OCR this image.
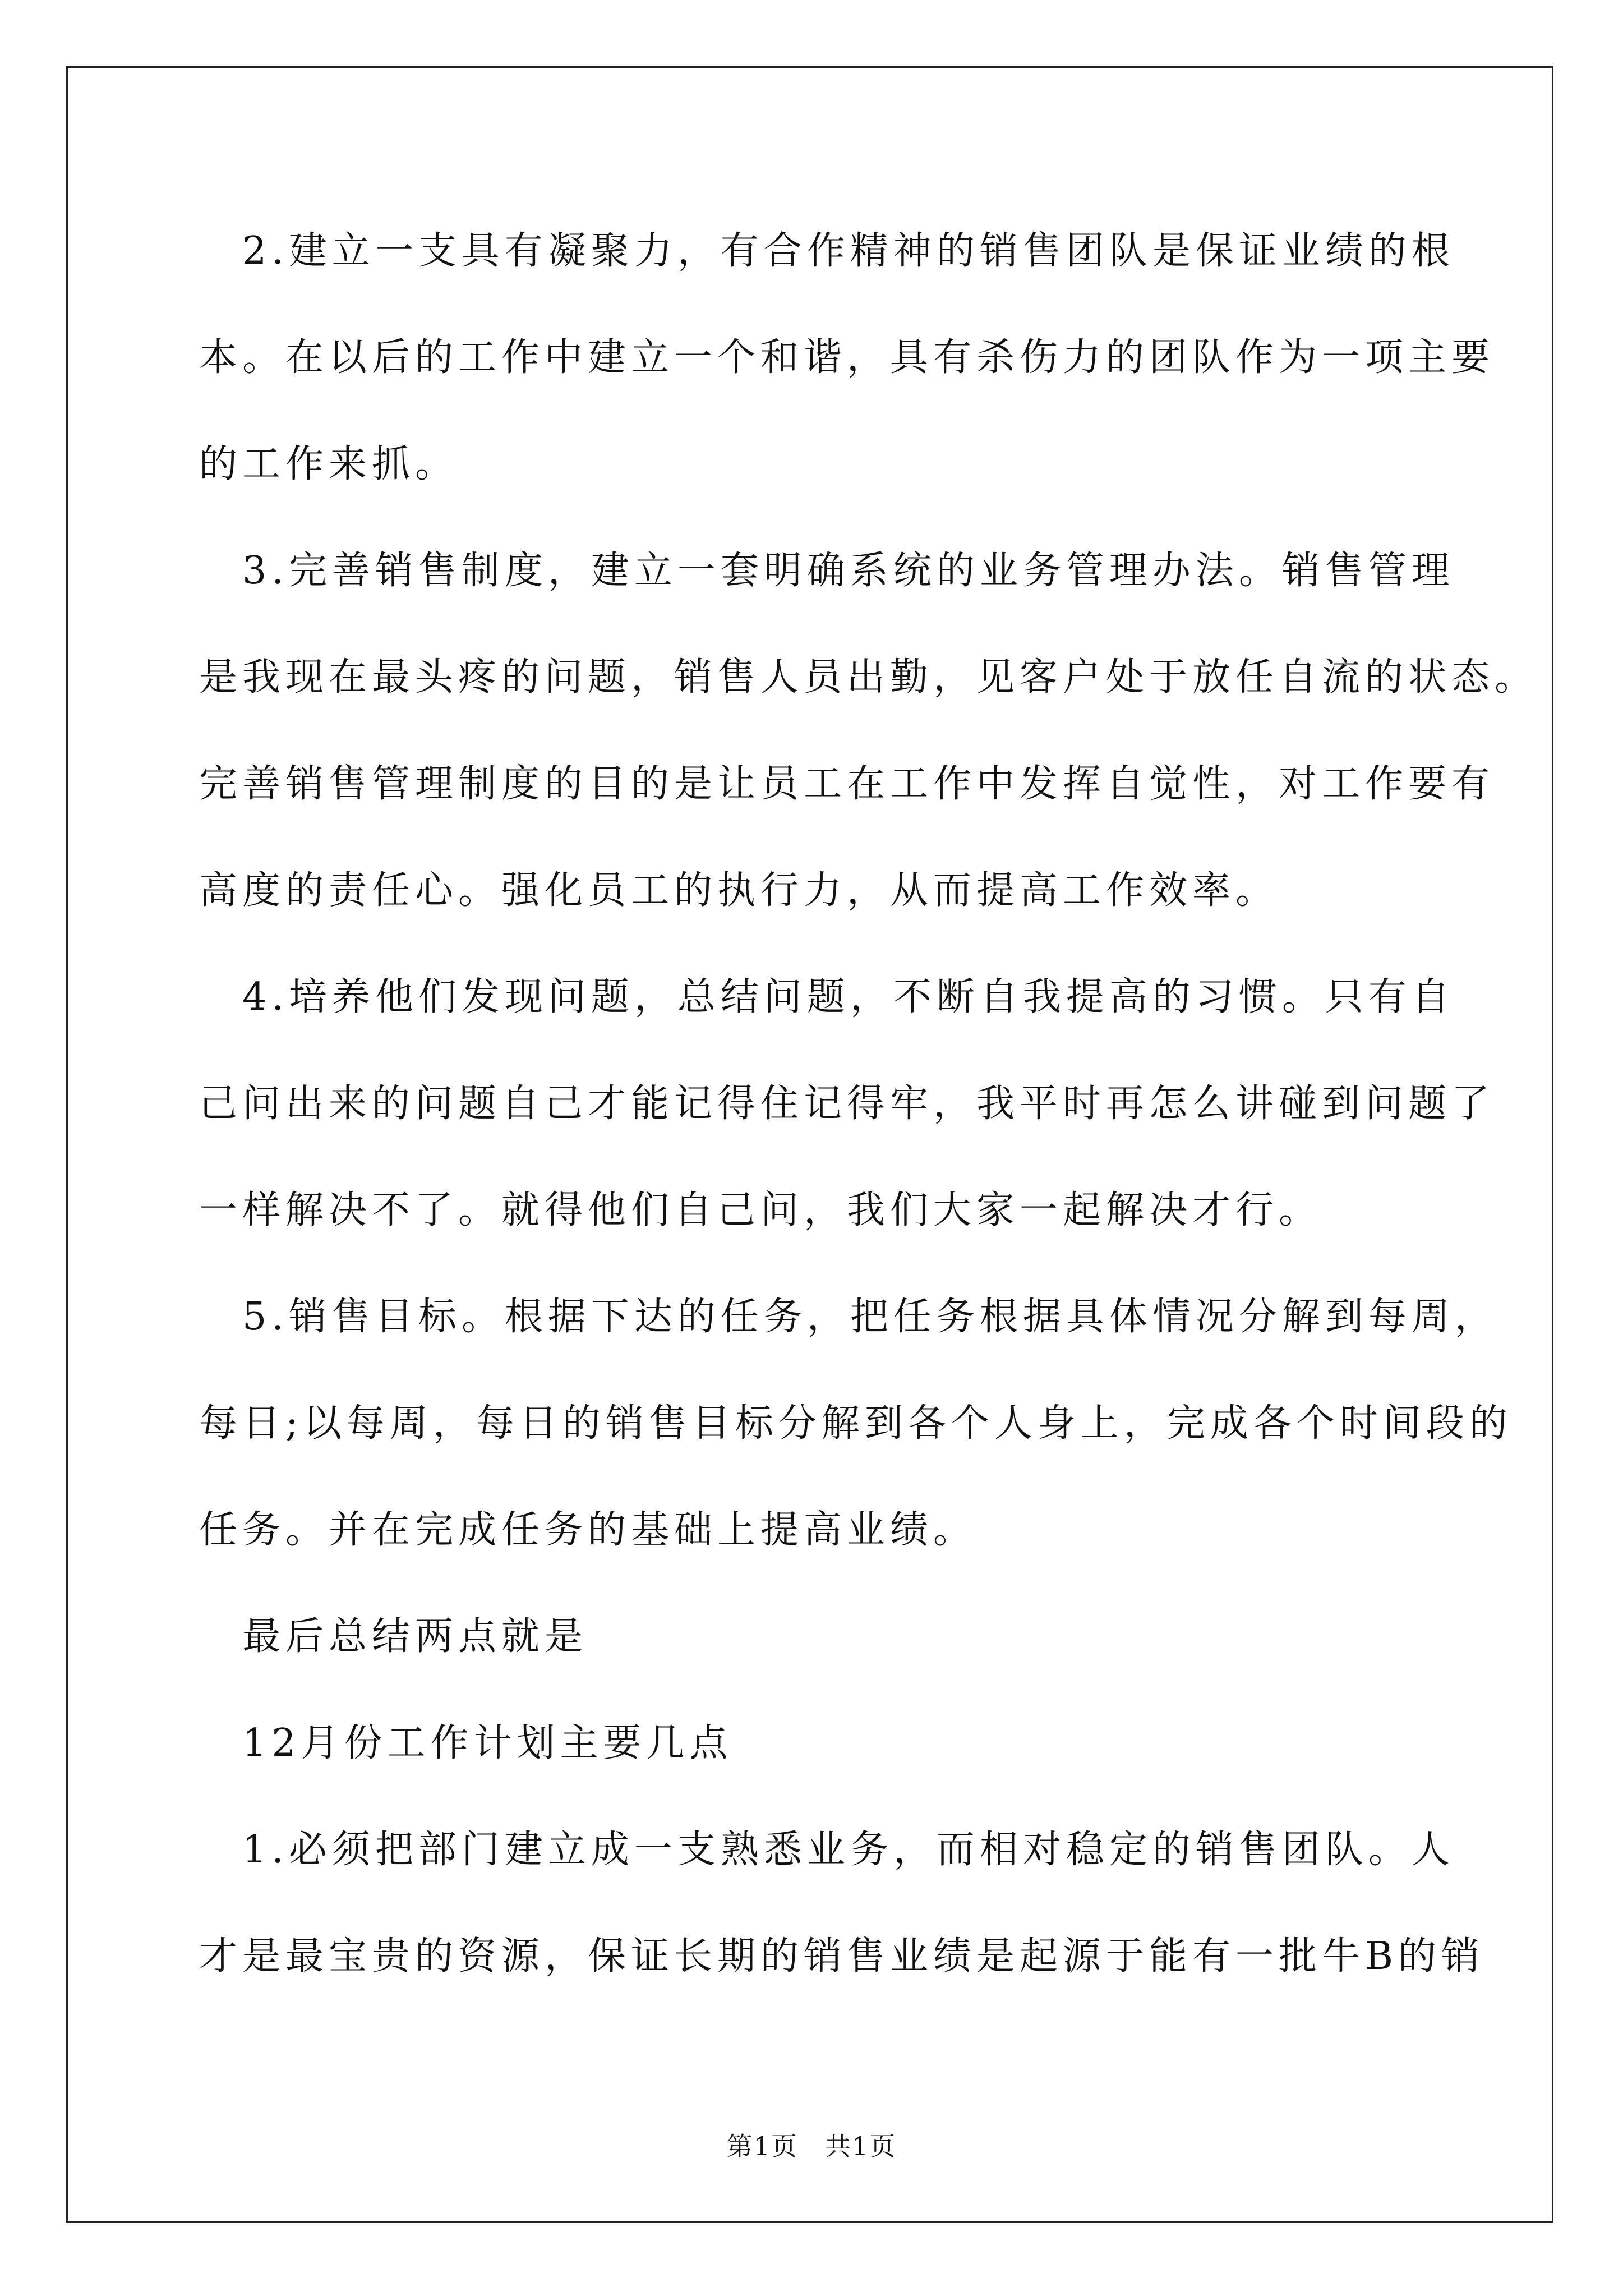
　2.建立一支具有凝聚力，有合作精神的销售团队是保证业绩的根
本。在以后的工作中建立一个和谐，具有杀伤力的团队作为一项主要
的工作来抓。
　3.完善销售制度，建立一套明确系统的业务管理办法。销售管理
是我现在最头疼的问题，销售人员出勤，见客户处于放任自流的状态。
完善销售管理制度的目的是让员工在工作中发挥自觉性，对工作要有
高度的责任心。强化员工的执行力，从而提高工作效率。
　4.培养他们发现问题，总结问题，不断自我提高的习惯。只有自
己问出来的问题自己才能记得住记得牢，我平时再怎么讲碰到问题了
一样解决不了。就得他们自己问，我们大家一起解决才行。
　5.销售目标。根据下达的任务，把任务根据具体情况分解到每周，
每日;以每周，每日的销售目标分解到各个人身上，完成各个时间段的
任务。并在完成任务的基础上提高业绩。
　最后总结两点就是
　12月份工作计划主要几点
　1.必须把部门建立成一支熟悉业务，而相对稳定的销售团队。人
才是最宝贵的资源，保证长期的销售业绩是起源于能有一批牛B的销
第1页　共1页
